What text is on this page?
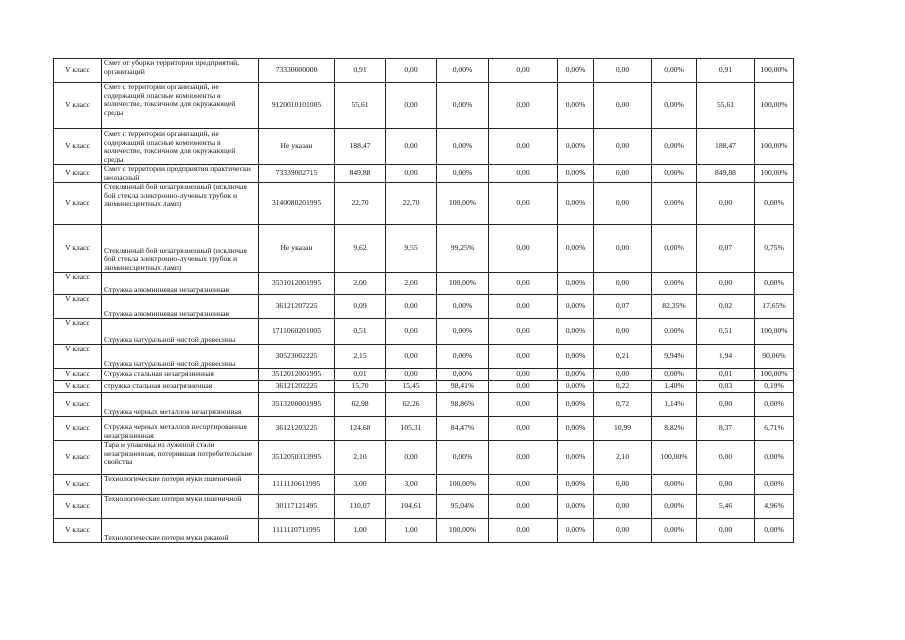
V класс	Смет от уборки территории предприятий, организаций	73330000000	0,91	0,00	0,00%	0,00	0,00%	0,00	0,00%	0,91	100,00%
V класс	Смет с территории организаций, не содержащий опасные компоненты в количестве, токсичном для окружающей среды	9120010101005	55,61	0,00	0,00%	0,00	0,00%	0,00	0,00%	55,61	100,00%
V класс	Смет с территории организаций, не содержащий опасные компоненты в количестве, токсичном для окружающей среды	Не указан	188,47	0,00	0,00%	0,00	0,00%	0,00	0,00%	188,47	100,00%
V класс	Смет с территории предприятия практически неопасный	73339002715	849,88	0,00	0,00%	0,00	0,00%	0,00	0,00%	849,88	100,00%
V класс	Стеклянный бой незагрязненный (исключая бой стекла электронно-лучевых трубок и люминесцентных ламп)	3140080201995	22,70	22,70	100,00%	0,00	0,00%	0,00	0,00%	0,00	0,00%
V класс	Стеклянный бой незагрязненный (исключая бой стекла электронно-лучевых трубок и люминесцентных ламп)	Не указан	9,62	9,55	99,25%	0,00	0,00%	0,00	0,00%	0,07	0,75%
V класс	Стружка алюминиевая незагрязненная	3531012001995	2,00	2,00	100,00%	0,00	0,00%	0,00	0,00%	0,00	0,00%
V класс	Стружка алюминиевая незагрязненная	36121207225	0,09	0,00	0,00%	0,00	0,00%	0,07	82,35%	0,02	17,65%
V класс	Стружка натуральной чистой древесины	1711060201005	0,51	0,00	0,00%	0,00	0,00%	0,00	0,00%	0,51	100,00%
V класс	Стружка натуральной чистой древесины	30523002225	2,15	0,00	0,00%	0,00	0,00%	0,21	9,94%	1,94	90,06%
V класс	Стружка стальная незагрязненная	3512012001995	0,01	0,00	0,00%	0,00	0,00%	0,00	0,00%	0,01	100,00%
V класс	стружка стальная незагрязненная	36121202225	15,70	15,45	98,41%	0,00	0,00%	0,22	1,40%	0,03	0,19%
V класс	Стружка черных металлов незагрязненная	3513200001995	62,98	62,26	98,86%	0,00	0,00%	0,72	1,14%	0,00	0,00%
V класс	Стружка черных металлов несортированная незагрязненная	36121203225	124,68	105,31	84,47%	0,00	0,00%	10,99	8,82%	8,37	6,71%
V класс	Тара и упаковка из луженой стали незагрязненная, потерявшая потребительские свойства	3512050313995	2,10	0,00	0,00%	0,00	0,00%	2,10	100,00%	0,00	0,00%
V класс	Технологические потери муки пшеничной	1111110611995	3,00	3,00	100,00%	0,00	0,00%	0,00	0,00%	0,00	0,00%
V класс	Технологические потери муки пшеничной	30117121495	110,07	104,61	95,04%	0,00	0,00%	0,00	0,00%	5,46	4,96%
V класс	Технологические потери муки ржаной	1111110711995	1,00	1,00	100,00%	0,00	0,00%	0,00	0,00%	0,00	0,00%
